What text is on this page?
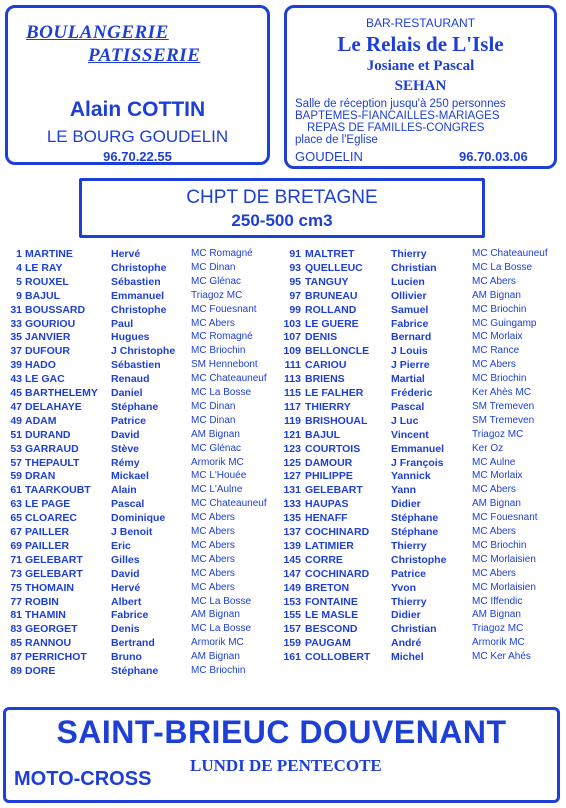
BOULANGERIE
PATISSERIE
Alain COTTIN
LE BOURG GOUDELIN
96.70.22.55
BAR-RESTAURANT
Le Relais de L'Isle
Josiane et Pascal
SEHAN
Salle de réception jusqu'à 250 personnes
BAPTEMES-FIANCAILLES-MARIAGES
REPAS DE FAMILLES-CONGRES
place de l'Eglise
GOUDELIN	96.70.03.06
CHPT DE BRETAGNE
250-500 cm3
1 MARTINE	Hervé	MC Romagné
4 LE RAY	Christophe MC Dinan
5 ROUXEL	Sébastien	MC Glénac
9 BAJUL	Emmanuel	Triagoz MC
31 BOUSSARD Christophe MC Fouesnant
33 GOURIOU	Paul	MC Abers
35 JANVIER	Hugues	MC Romagné
37 DUFOUR	J Christophe MC Briochin
39 HADO	Sébastien	SM Hennebont
43 LE GAC	Renaud	MC Chateauneuf
45 BARTHELEMY Daniel	MC La Bosse
47 DELAHAYE	Stéphane	MC Dinan
49 ADAM	Patrice	MC Dinan
51 DURAND	David	AM Bignan
53 GARRAUD	Stève	MC Glénac
57 THEPAULT	Rémy	Armorik MC
59 DRAN	Mickael	MC L'Houée
61 TAARKOUBT Alain	MC L'Aulne
63 LE PAGE	Pascal	MC Chateauneuf
65 CLOAREC	Dominique	MC Abers
67 PAILLER	J Benoit	MC Abers
69 PAILLER	Eric	MC Abers
71 GELEBART	Gilles	MC Abers
73 GELEBART	David	MC Abers
75 THOMAIN	Hervé	MC Abers
77 ROBIN	Albert	MC La Bosse
81 THAMIN	Fabrice	AM Bignan
83 GEORGET	Denis	MC La Bosse
85 RANNOU	Bertrand	Armorik MC
87 PERRICHOT Bruno	AM Bignan
89 DORE	Stéphane	MC Briochin
91 MALTRET	Thierry	MC Chateauneuf
93 QUELLEUC	Christian	MC La Bosse
95 TANGUY	Lucien	MC Abers
97 BRUNEAU	Ollivier	AM Bignan
99 ROLLAND	Samuel	MC Briochin
103 LE GUERE	Fabrice	MC Guingamp
107 DENIS	Bernard	MC Morlaix
109 BELLONCLE J Louis	MC Rance
111 CARIOU	J Pierre	MC Abers
113 BRIENS	Martial	MC Briochin
115 LE FALHER	Fréderic	Ker Ahès MC
117 THIERRY	Pascal	SM Tremeven
119 BRISHOUAL J Luc	SM Tremeven
121 BAJUL	Vincent	Triagoz MC
123 COURTOIS	Emmanuel	Ker Oz
125 DAMOUR	J François	MC Aulne
127 PHILIPPE	Yannick	MC Morlaix
131 GELEBART	Yann	MC Abers
133 HAUPAS	Didier	AM Bignan
135 HENAFF	Stéphane	MC Fouesnant
137 COCHINARD Stéphane	MC Abers
139 LATIMIER	Thierry	MC Briochin
145 CORRE	Christophe	MC Morlaisien
147 COCHINARD Patrice	MC Abers
149 BRETON	Yvon	MC Morlaisien
153 FONTAINE	Thierry	MC Iffendic
155 LE MASLE	Didier	AM Bignan
157 BESCOND	Christian	Triagoz MC
159 PAUGAM	André	Armorik MC
161 COLLOBERT Michel	MC Ker Ahés
SAINT-BRIEUC DOUVENANT
LUNDI DE PENTECOTE
MOTO-CROSS
